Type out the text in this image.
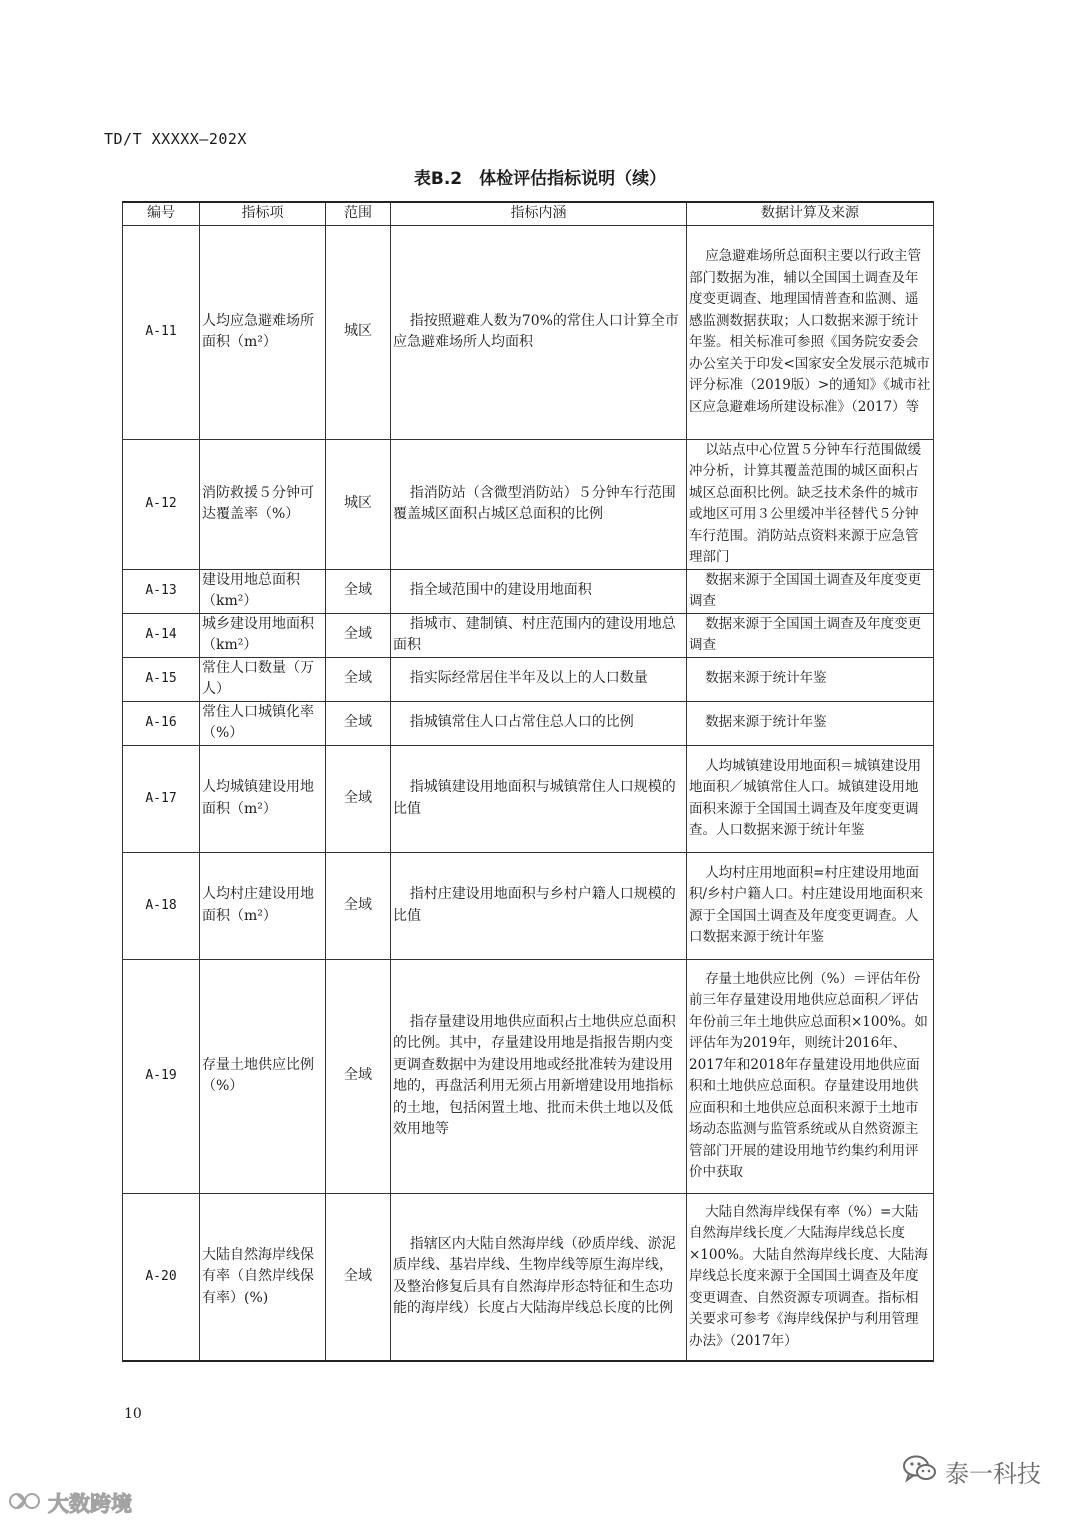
TD/T XXXXX—202X
表B.2　体检评估指标说明（续）
编号	指标项	范围	指标内涵	数据计算及来源
A-11	人均应急避难场所面积（m²）	城区	指按照避难人数为70%的常住人口计算全市应急避难场所人均面积	应急避难场所总面积主要以行政主管部门数据为准，辅以全国国土调查及年度变更调查、地理国情普查和监测、遥感监测数据获取；人口数据来源于统计年鉴。相关标准可参照《国务院安委会办公室关于印发<国家安全发展示范城市评分标准（2019版）>的通知》《城市社区应急避难场所建设标准》（2017）等
A-12	消防救援５分钟可达覆盖率（%）	城区	指消防站（含微型消防站）５分钟车行范围覆盖城区面积占城区总面积的比例	以站点中心位置５分钟车行范围做缓冲分析，计算其覆盖范围的城区面积占城区总面积比例。缺乏技术条件的城市或地区可用３公里缓冲半径替代５分钟车行范围。消防站点资料来源于应急管理部门
A-13	建设用地总面积（km²）	全域	指全域范围中的建设用地面积	数据来源于全国国土调查及年度变更调查
A-14	城乡建设用地面积（km²）	全域	指城市、建制镇、村庄范围内的建设用地总面积	数据来源于全国国土调查及年度变更调查
A-15	常住人口数量（万人）	全域	指实际经常居住半年及以上的人口数量	数据来源于统计年鉴
A-16	常住人口城镇化率（%）	全域	指城镇常住人口占常住总人口的比例	数据来源于统计年鉴
A-17	人均城镇建设用地面积（m²）	全域	指城镇建设用地面积与城镇常住人口规模的比值	人均城镇建设用地面积＝城镇建设用地面积／城镇常住人口。城镇建设用地面积来源于全国国土调查及年度变更调查。人口数据来源于统计年鉴
A-18	人均村庄建设用地面积（m²）	全域	指村庄建设用地面积与乡村户籍人口规模的比值	人均村庄用地面积=村庄建设用地面积/乡村户籍人口。村庄建设用地面积来源于全国国土调查及年度变更调查。人口数据来源于统计年鉴
A-19	存量土地供应比例（%）	全域	指存量建设用地供应面积占土地供应总面积的比例。其中，存量建设用地是指报告期内变更调查数据中为建设用地或经批准转为建设用地的，再盘活利用无须占用新增建设用地指标的土地，包括闲置土地、批而未供土地以及低效用地等	存量土地供应比例（%）＝评估年份前三年存量建设用地供应总面积／评估年份前三年土地供应总面积×100%。如评估年为2019年，则统计2016年、2017年和2018年存量建设用地供应面积和土地供应总面积。存量建设用地供应面积和土地供应总面积来源于土地市场动态监测与监管系统或从自然资源主管部门开展的建设用地节约集约利用评价中获取
A-20	大陆自然海岸线保有率（自然岸线保有率）(%)	全域	指辖区内大陆自然海岸线（砂质岸线、淤泥质岸线、基岩岸线、生物岸线等原生海岸线，及整治修复后具有自然海岸形态特征和生态功能的海岸线）长度占大陆海岸线总长度的比例	大陆自然海岸线保有率（%）=大陆自然海岸线长度／大陆海岸线总长度×100%。大陆自然海岸线长度、大陆海岸线总长度来源于全国国土调查及年度变更调查、自然资源专项调查。指标相关要求可参考《海岸线保护与利用管理办法》（2017年）
10
大数跨境
泰一科技
